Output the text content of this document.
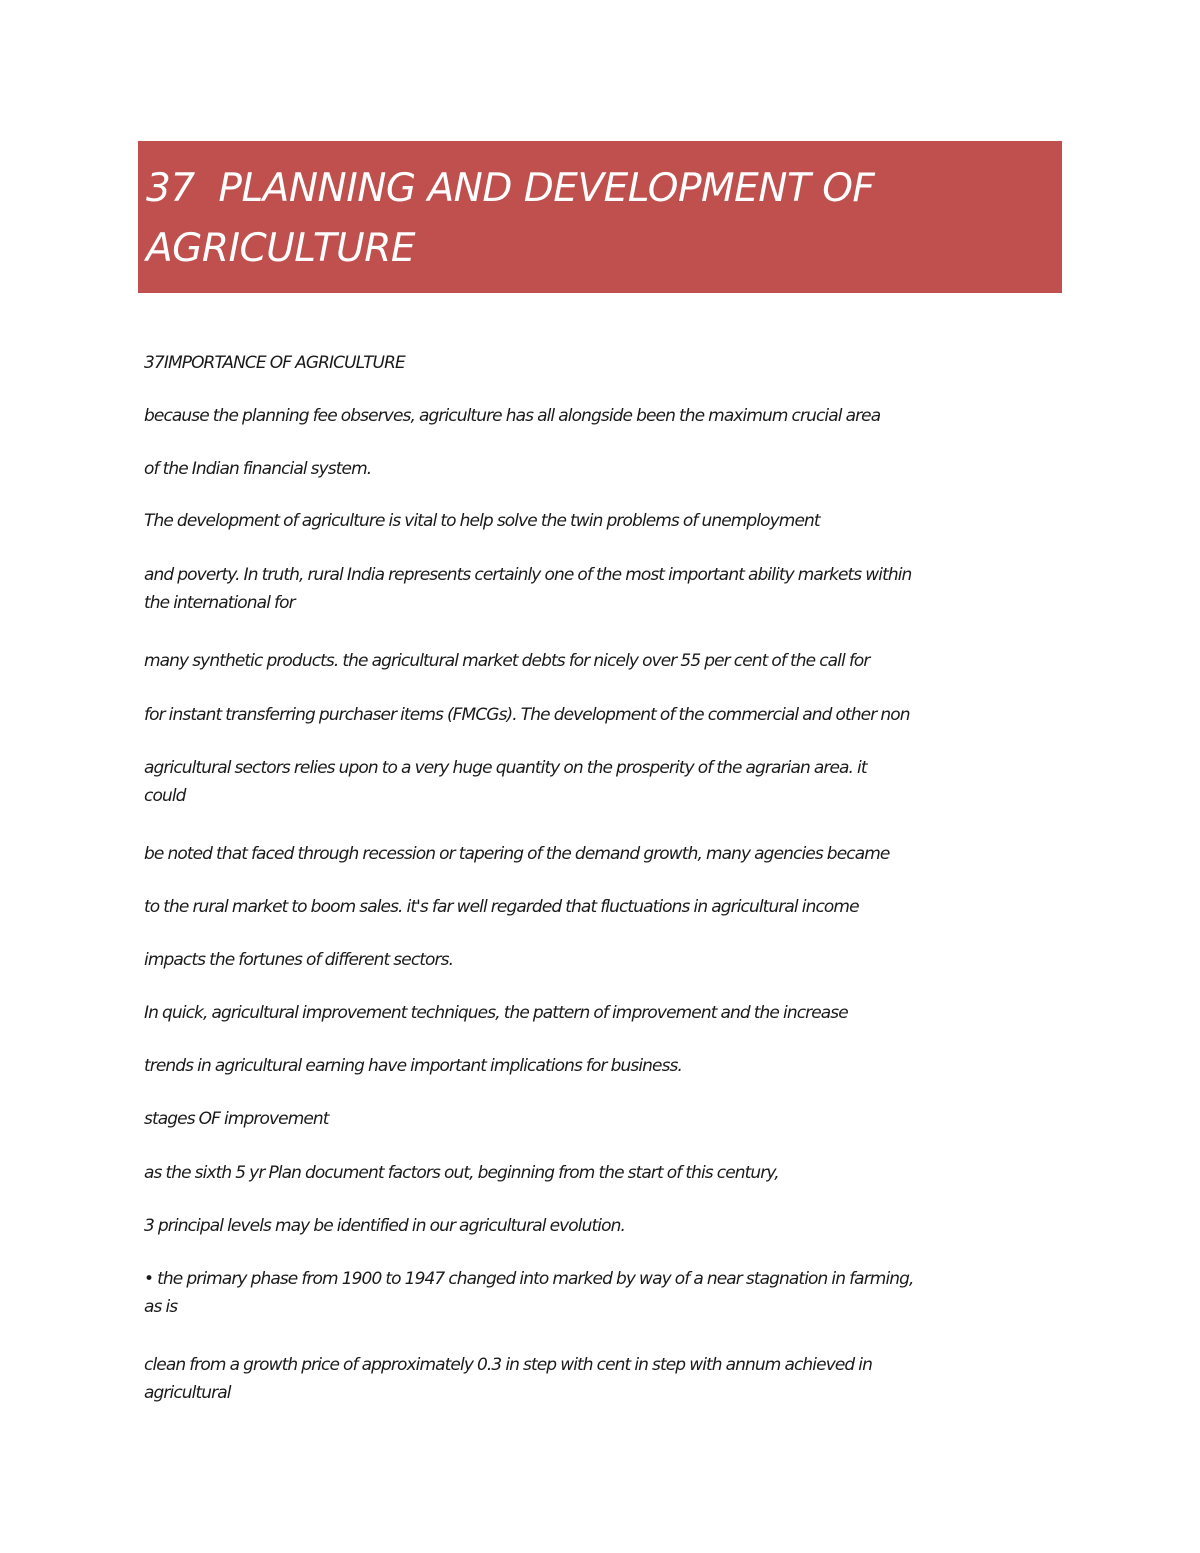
37  PLANNING AND DEVELOPMENT OF
AGRICULTURE

37IMPORTANCE OF AGRICULTURE

because the planning fee observes, agriculture has all alongside been the maximum crucial area

of the Indian financial system.

The development of agriculture is vital to help solve the twin problems of unemployment

and poverty. In truth, rural India represents certainly one of the most important ability markets within
the international for

many synthetic products. the agricultural market debts for nicely over 55 per cent of the call for

for instant transferring purchaser items (FMCGs). The development of the commercial and other non

agricultural sectors relies upon to a very huge quantity on the prosperity of the agrarian area. it
could

be noted that faced through recession or tapering of the demand growth, many agencies became

to the rural market to boom sales. it's far well regarded that fluctuations in agricultural income

impacts the fortunes of different sectors.

In quick, agricultural improvement techniques, the pattern of improvement and the increase

trends in agricultural earning have important implications for business.

stages OF improvement

as the sixth 5 yr Plan document factors out, beginning from the start of this century,

3 principal levels may be identified in our agricultural evolution.

• the primary phase from 1900 to 1947 changed into marked by way of a near stagnation in farming,
as is

clean from a growth price of approximately 0.3 in step with cent in step with annum achieved in
agricultural
